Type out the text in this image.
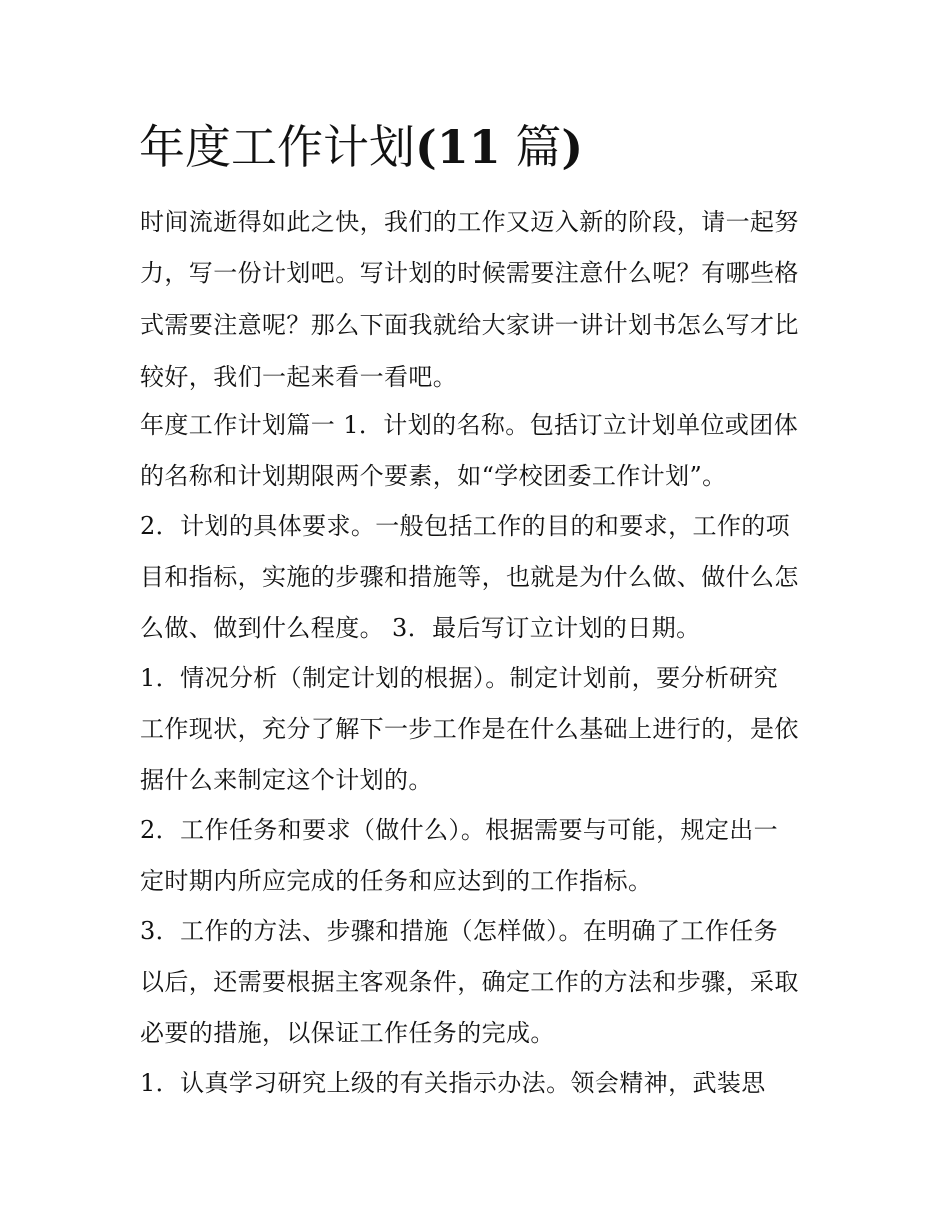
年度工作计划(11 篇)

时间流逝得如此之快，我们的工作又迈入新的阶段，请一起努

力，写一份计划吧。写计划的时候需要注意什么呢？有哪些格

式需要注意呢？那么下面我就给大家讲一讲计划书怎么写才比

较好，我们一起来看一看吧。

年度工作计划篇一 1．计划的名称。包括订立计划单位或团体

的名称和计划期限两个要素，如“学校团委工作计划”。

2．计划的具体要求。一般包括工作的目的和要求，工作的项

目和指标，实施的步骤和措施等，也就是为什么做、做什么怎

么做、做到什么程度。 3．最后写订立计划的日期。

1．情况分析（制定计划的根据）。制定计划前，要分析研究

工作现状，充分了解下一步工作是在什么基础上进行的，是依

据什么来制定这个计划的。

2．工作任务和要求（做什么）。根据需要与可能，规定出一

定时期内所应完成的任务和应达到的工作指标。

3．工作的方法、步骤和措施（怎样做）。在明确了工作任务

以后，还需要根据主客观条件，确定工作的方法和步骤，采取

必要的措施，以保证工作任务的完成。

1．认真学习研究上级的有关指示办法。领会精神，武装思
